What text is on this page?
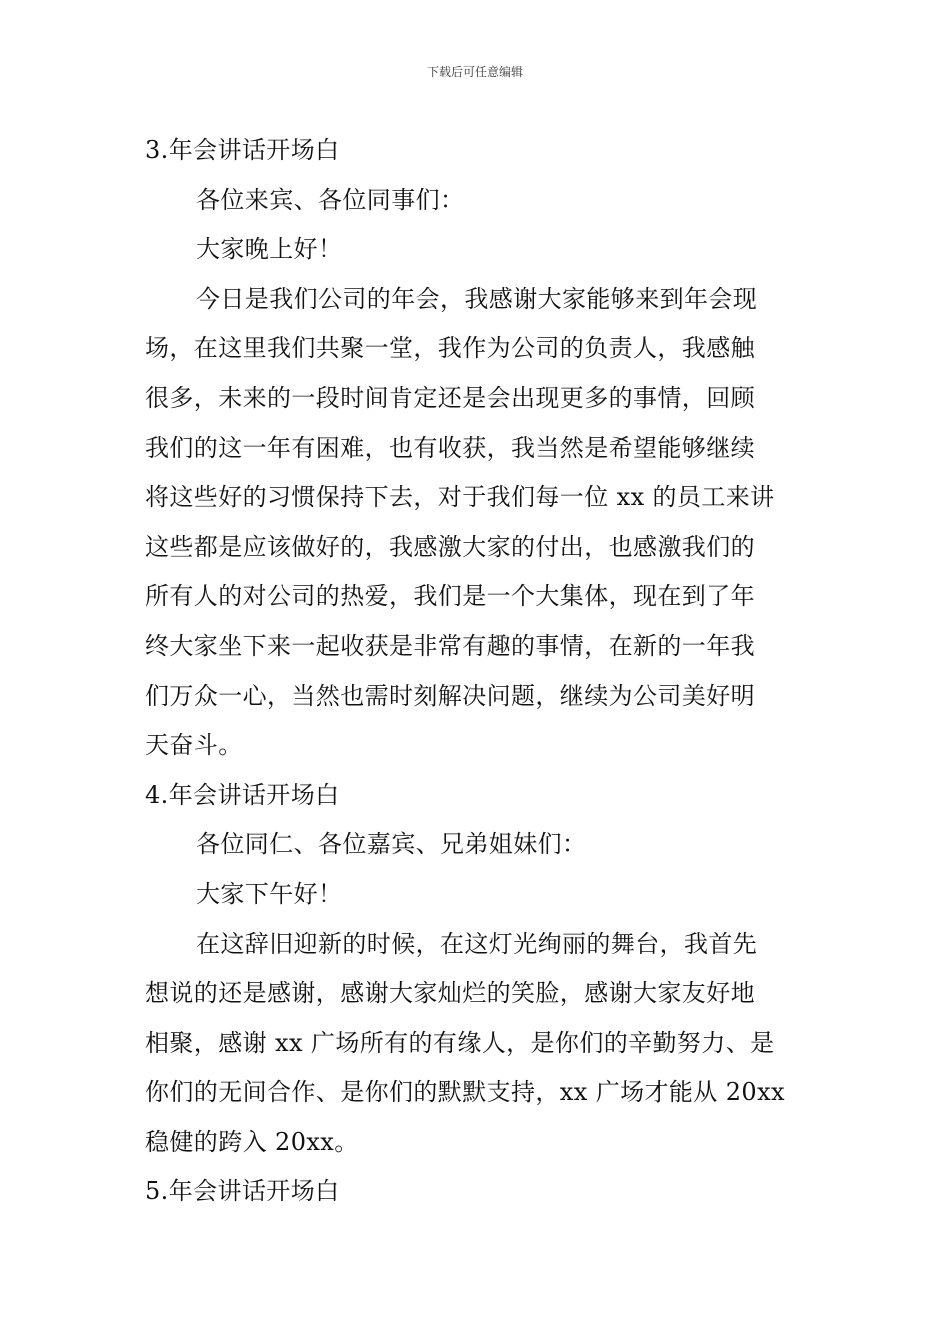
下载后可任意编辑
3.年会讲话开场白
各位来宾、各位同事们：
大家晚上好！
今日是我们公司的年会，我感谢大家能够来到年会现
场，在这里我们共聚一堂，我作为公司的负责人，我感触
很多，未来的一段时间肯定还是会出现更多的事情，回顾
我们的这一年有困难，也有收获，我当然是希望能够继续
将这些好的习惯保持下去，对于我们每一位 xx 的员工来讲
这些都是应该做好的，我感激大家的付出，也感激我们的
所有人的对公司的热爱，我们是一个大集体，现在到了年
终大家坐下来一起收获是非常有趣的事情，在新的一年我
们万众一心，当然也需时刻解决问题，继续为公司美好明
天奋斗。
4.年会讲话开场白
各位同仁、各位嘉宾、兄弟姐妹们：
大家下午好！
在这辞旧迎新的时候，在这灯光绚丽的舞台，我首先
想说的还是感谢，感谢大家灿烂的笑脸，感谢大家友好地
相聚，感谢 xx 广场所有的有缘人，是你们的辛勤努力、是
你们的无间合作、是你们的默默支持，xx 广场才能从 20xx
稳健的跨入 20xx。
5.年会讲话开场白
